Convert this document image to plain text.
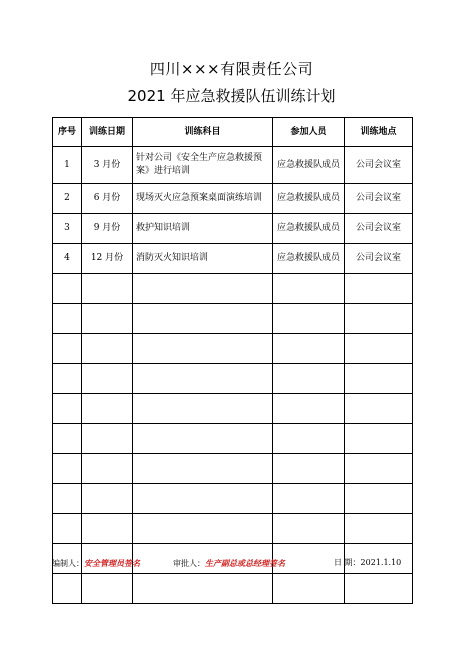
四川×××有限责任公司
2021 年应急救援队伍训练计划
序号	训练日期	训练科目	参加人员	训练地点
1	3 月份	针对公司《安全生产应急救援预案》进行培训	应急救援队成员	公司会议室
2	6 月份	现场灭火应急预案桌面演练培训	应急救援队成员	公司会议室
3	9 月份	救护知识培训	应急救援队成员	公司会议室
4	12 月份	消防灭火知识培训	应急救援队成员	公司会议室

编制人：安全管理员签名	审批人：生产副总或总经理签名	日 期：2021.1.10
